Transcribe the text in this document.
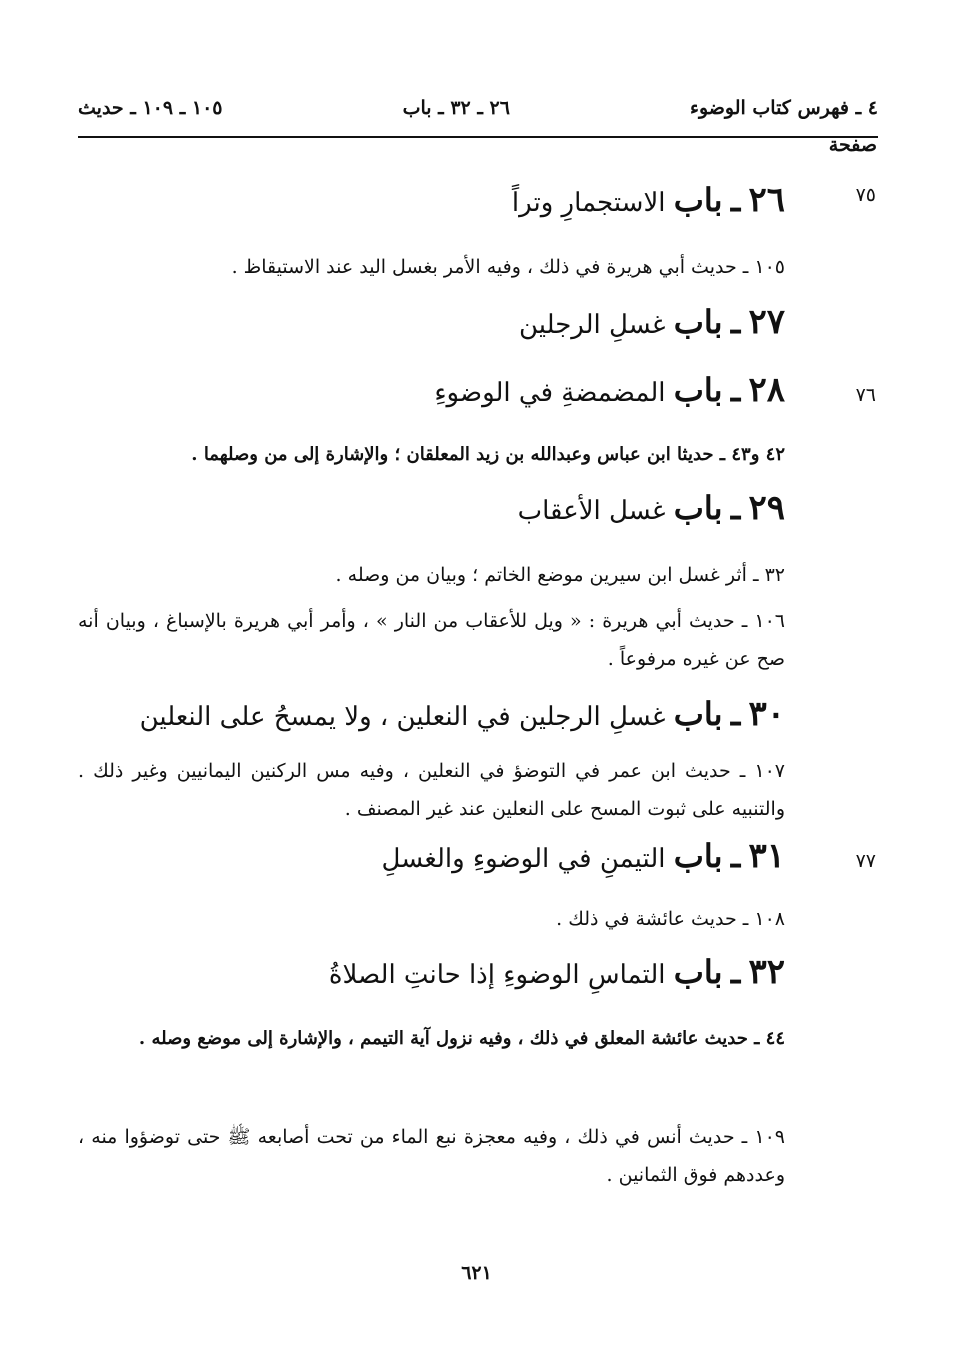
٤ ـ فهرس كتاب الوضوء
٢٦ ـ ٣٢ ـ باب
١٠٥ ـ ١٠٩ ـ حديث
صفحة
٧٥
٢٦ ـ باب الاستجمارِ وتراً
١٠٥ ـ حديث أبي هريرة في ذلك ، وفيه الأمر بغسل اليد عند الاستيقاظ .
٢٧ ـ باب غسلِ الرجلين
٧٦
٢٨ ـ باب المضمضةِ في الوضوءِ
٤٢ و٤٣ ـ حديثا ابن عباس وعبدالله بن زيد المعلقان ؛ والإشارة إلى من وصلهما .
٢٩ ـ باب غسل الأعقاب
٣٢ ـ أثر غسل ابن سيرين موضع الخاتم ؛ وبيان من وصله .
١٠٦ ـ حديث أبي هريرة : « ويل للأعقاب من النار » ، وأمر أبي هريرة بالإسباغ ، وبيان أنه صح عن غيره مرفوعاً .
٣٠ ـ باب غسلِ الرجلين في النعلين ، ولا يمسحُ على النعلين
١٠٧ ـ حديث ابن عمر في التوضؤ في النعلين ، وفيه مس الركنين اليمانيين وغير ذلك . والتنبيه على ثبوت المسح على النعلين عند غير المصنف .
٧٧
٣١ ـ باب التيمنِ في الوضوءِ والغسلِ
١٠٨ ـ حديث عائشة في ذلك .
٣٢ ـ باب التماسِ الوضوءِ إذا حانتِ الصلاةُ
٤٤ ـ حديث عائشة المعلق في ذلك ، وفيه نزول آية التيمم ، والإشارة إلى موضع وصله .
١٠٩ ـ حديث أنس في ذلك ، وفيه معجزة نبع الماء من تحت أصابعه ﷺ حتى توضؤوا منه ، وعددهم فوق الثمانين .
٦٢١
